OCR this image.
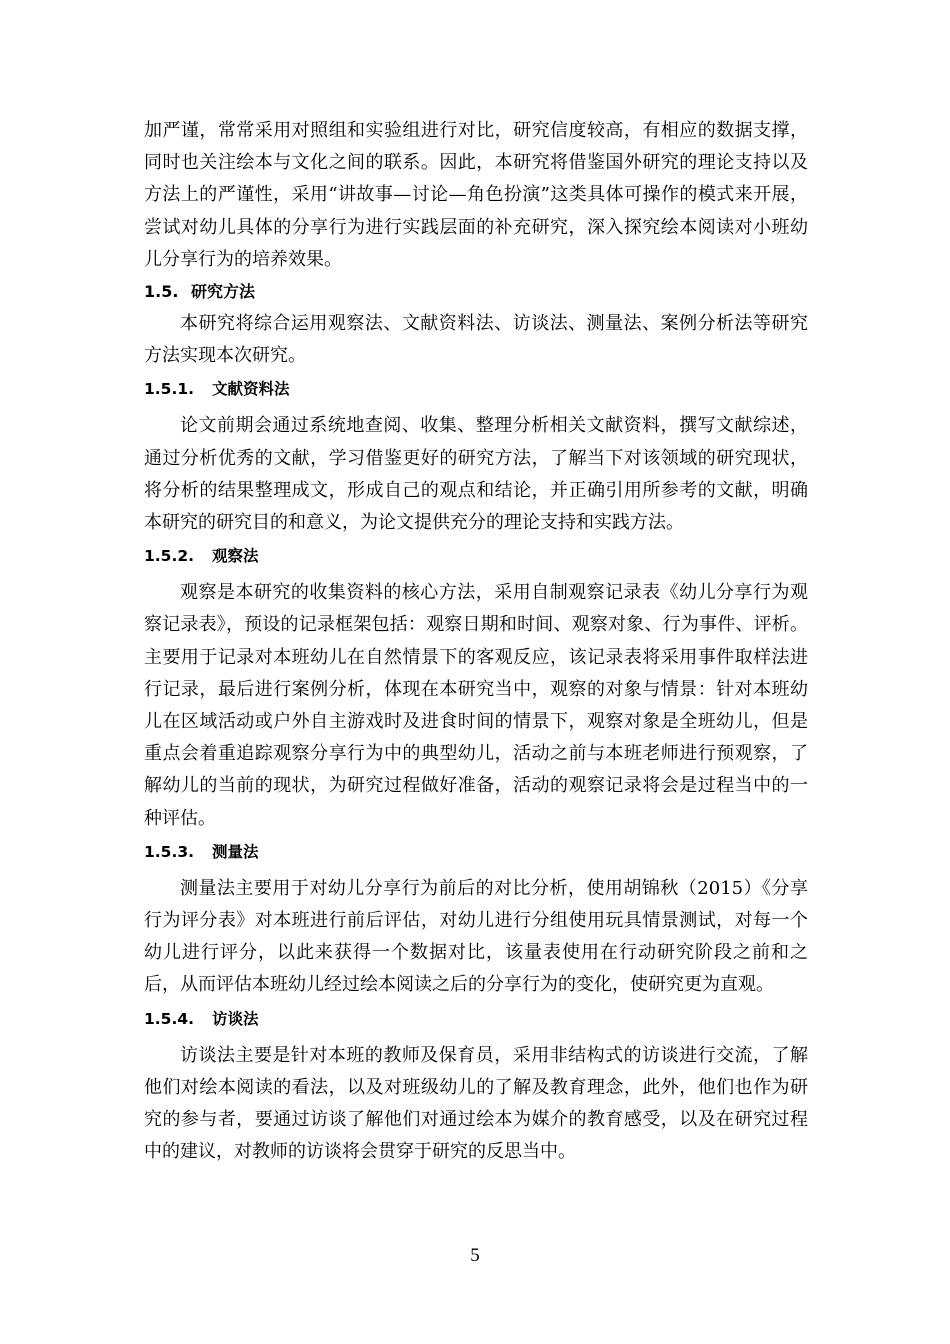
加严谨，常常采用对照组和实验组进行对比，研究信度较高，有相应的数据支撑，同时也关注绘本与文化之间的联系。因此，本研究将借鉴国外研究的理论支持以及方法上的严谨性，采用“讲故事—讨论—角色扮演”这类具体可操作的模式来开展，尝试对幼儿具体的分享行为进行实践层面的补充研究，深入探究绘本阅读对小班幼儿分享行为的培养效果。

1.5. 研究方法

本研究将综合运用观察法、文献资料法、访谈法、测量法、案例分析法等研究方法实现本次研究。

1.5.1. 文献资料法

论文前期会通过系统地查阅、收集、整理分析相关文献资料，撰写文献综述，通过分析优秀的文献，学习借鉴更好的研究方法，了解当下对该领域的研究现状，将分析的结果整理成文，形成自己的观点和结论，并正确引用所参考的文献，明确本研究的研究目的和意义，为论文提供充分的理论支持和实践方法。

1.5.2. 观察法

观察是本研究的收集资料的核心方法，采用自制观察记录表《幼儿分享行为观察记录表》，预设的记录框架包括：观察日期和时间、观察对象、行为事件、评析。主要用于记录对本班幼儿在自然情景下的客观反应，该记录表将采用事件取样法进行记录，最后进行案例分析，体现在本研究当中，观察的对象与情景：针对本班幼儿在区域活动或户外自主游戏时及进食时间的情景下，观察对象是全班幼儿，但是重点会着重追踪观察分享行为中的典型幼儿，活动之前与本班老师进行预观察，了解幼儿的当前的现状，为研究过程做好准备，活动的观察记录将会是过程当中的一种评估。

1.5.3. 测量法

测量法主要用于对幼儿分享行为前后的对比分析，使用胡锦秋（2015）《分享行为评分表》对本班进行前后评估，对幼儿进行分组使用玩具情景测试，对每一个幼儿进行评分，以此来获得一个数据对比，该量表使用在行动研究阶段之前和之后，从而评估本班幼儿经过绘本阅读之后的分享行为的变化，使研究更为直观。

1.5.4. 访谈法

访谈法主要是针对本班的教师及保育员，采用非结构式的访谈进行交流，了解他们对绘本阅读的看法，以及对班级幼儿的了解及教育理念，此外，他们也作为研究的参与者，要通过访谈了解他们对通过绘本为媒介的教育感受，以及在研究过程中的建议，对教师的访谈将会贯穿于研究的反思当中。

5
